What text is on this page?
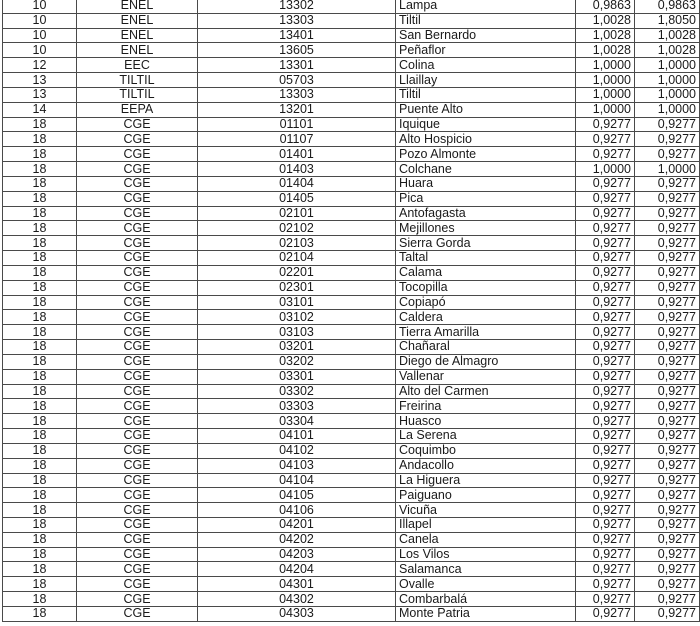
10	ENEL	13302	Lampa	0,9863	0,9863
10	ENEL	13303	Tiltil	1,0028	1,8050
10	ENEL	13401	San Bernardo	1,0028	1,0028
10	ENEL	13605	Peñaflor	1,0028	1,0028
12	EEC	13301	Colina	1,0000	1,0000
13	TILTIL	05703	Llaillay	1,0000	1,0000
13	TILTIL	13303	Tiltil	1,0000	1,0000
14	EEPA	13201	Puente Alto	1,0000	1,0000
18	CGE	01101	Iquique	0,9277	0,9277
18	CGE	01107	Alto Hospicio	0,9277	0,9277
18	CGE	01401	Pozo Almonte	0,9277	0,9277
18	CGE	01403	Colchane	1,0000	1,0000
18	CGE	01404	Huara	0,9277	0,9277
18	CGE	01405	Pica	0,9277	0,9277
18	CGE	02101	Antofagasta	0,9277	0,9277
18	CGE	02102	Mejillones	0,9277	0,9277
18	CGE	02103	Sierra Gorda	0,9277	0,9277
18	CGE	02104	Taltal	0,9277	0,9277
18	CGE	02201	Calama	0,9277	0,9277
18	CGE	02301	Tocopilla	0,9277	0,9277
18	CGE	03101	Copiapó	0,9277	0,9277
18	CGE	03102	Caldera	0,9277	0,9277
18	CGE	03103	Tierra Amarilla	0,9277	0,9277
18	CGE	03201	Chañaral	0,9277	0,9277
18	CGE	03202	Diego de Almagro	0,9277	0,9277
18	CGE	03301	Vallenar	0,9277	0,9277
18	CGE	03302	Alto del Carmen	0,9277	0,9277
18	CGE	03303	Freirina	0,9277	0,9277
18	CGE	03304	Huasco	0,9277	0,9277
18	CGE	04101	La Serena	0,9277	0,9277
18	CGE	04102	Coquimbo	0,9277	0,9277
18	CGE	04103	Andacollo	0,9277	0,9277
18	CGE	04104	La Higuera	0,9277	0,9277
18	CGE	04105	Paiguano	0,9277	0,9277
18	CGE	04106	Vicuña	0,9277	0,9277
18	CGE	04201	Illapel	0,9277	0,9277
18	CGE	04202	Canela	0,9277	0,9277
18	CGE	04203	Los Vilos	0,9277	0,9277
18	CGE	04204	Salamanca	0,9277	0,9277
18	CGE	04301	Ovalle	0,9277	0,9277
18	CGE	04302	Combarbalá	0,9277	0,9277
18	CGE	04303	Monte Patria	0,9277	0,9277
